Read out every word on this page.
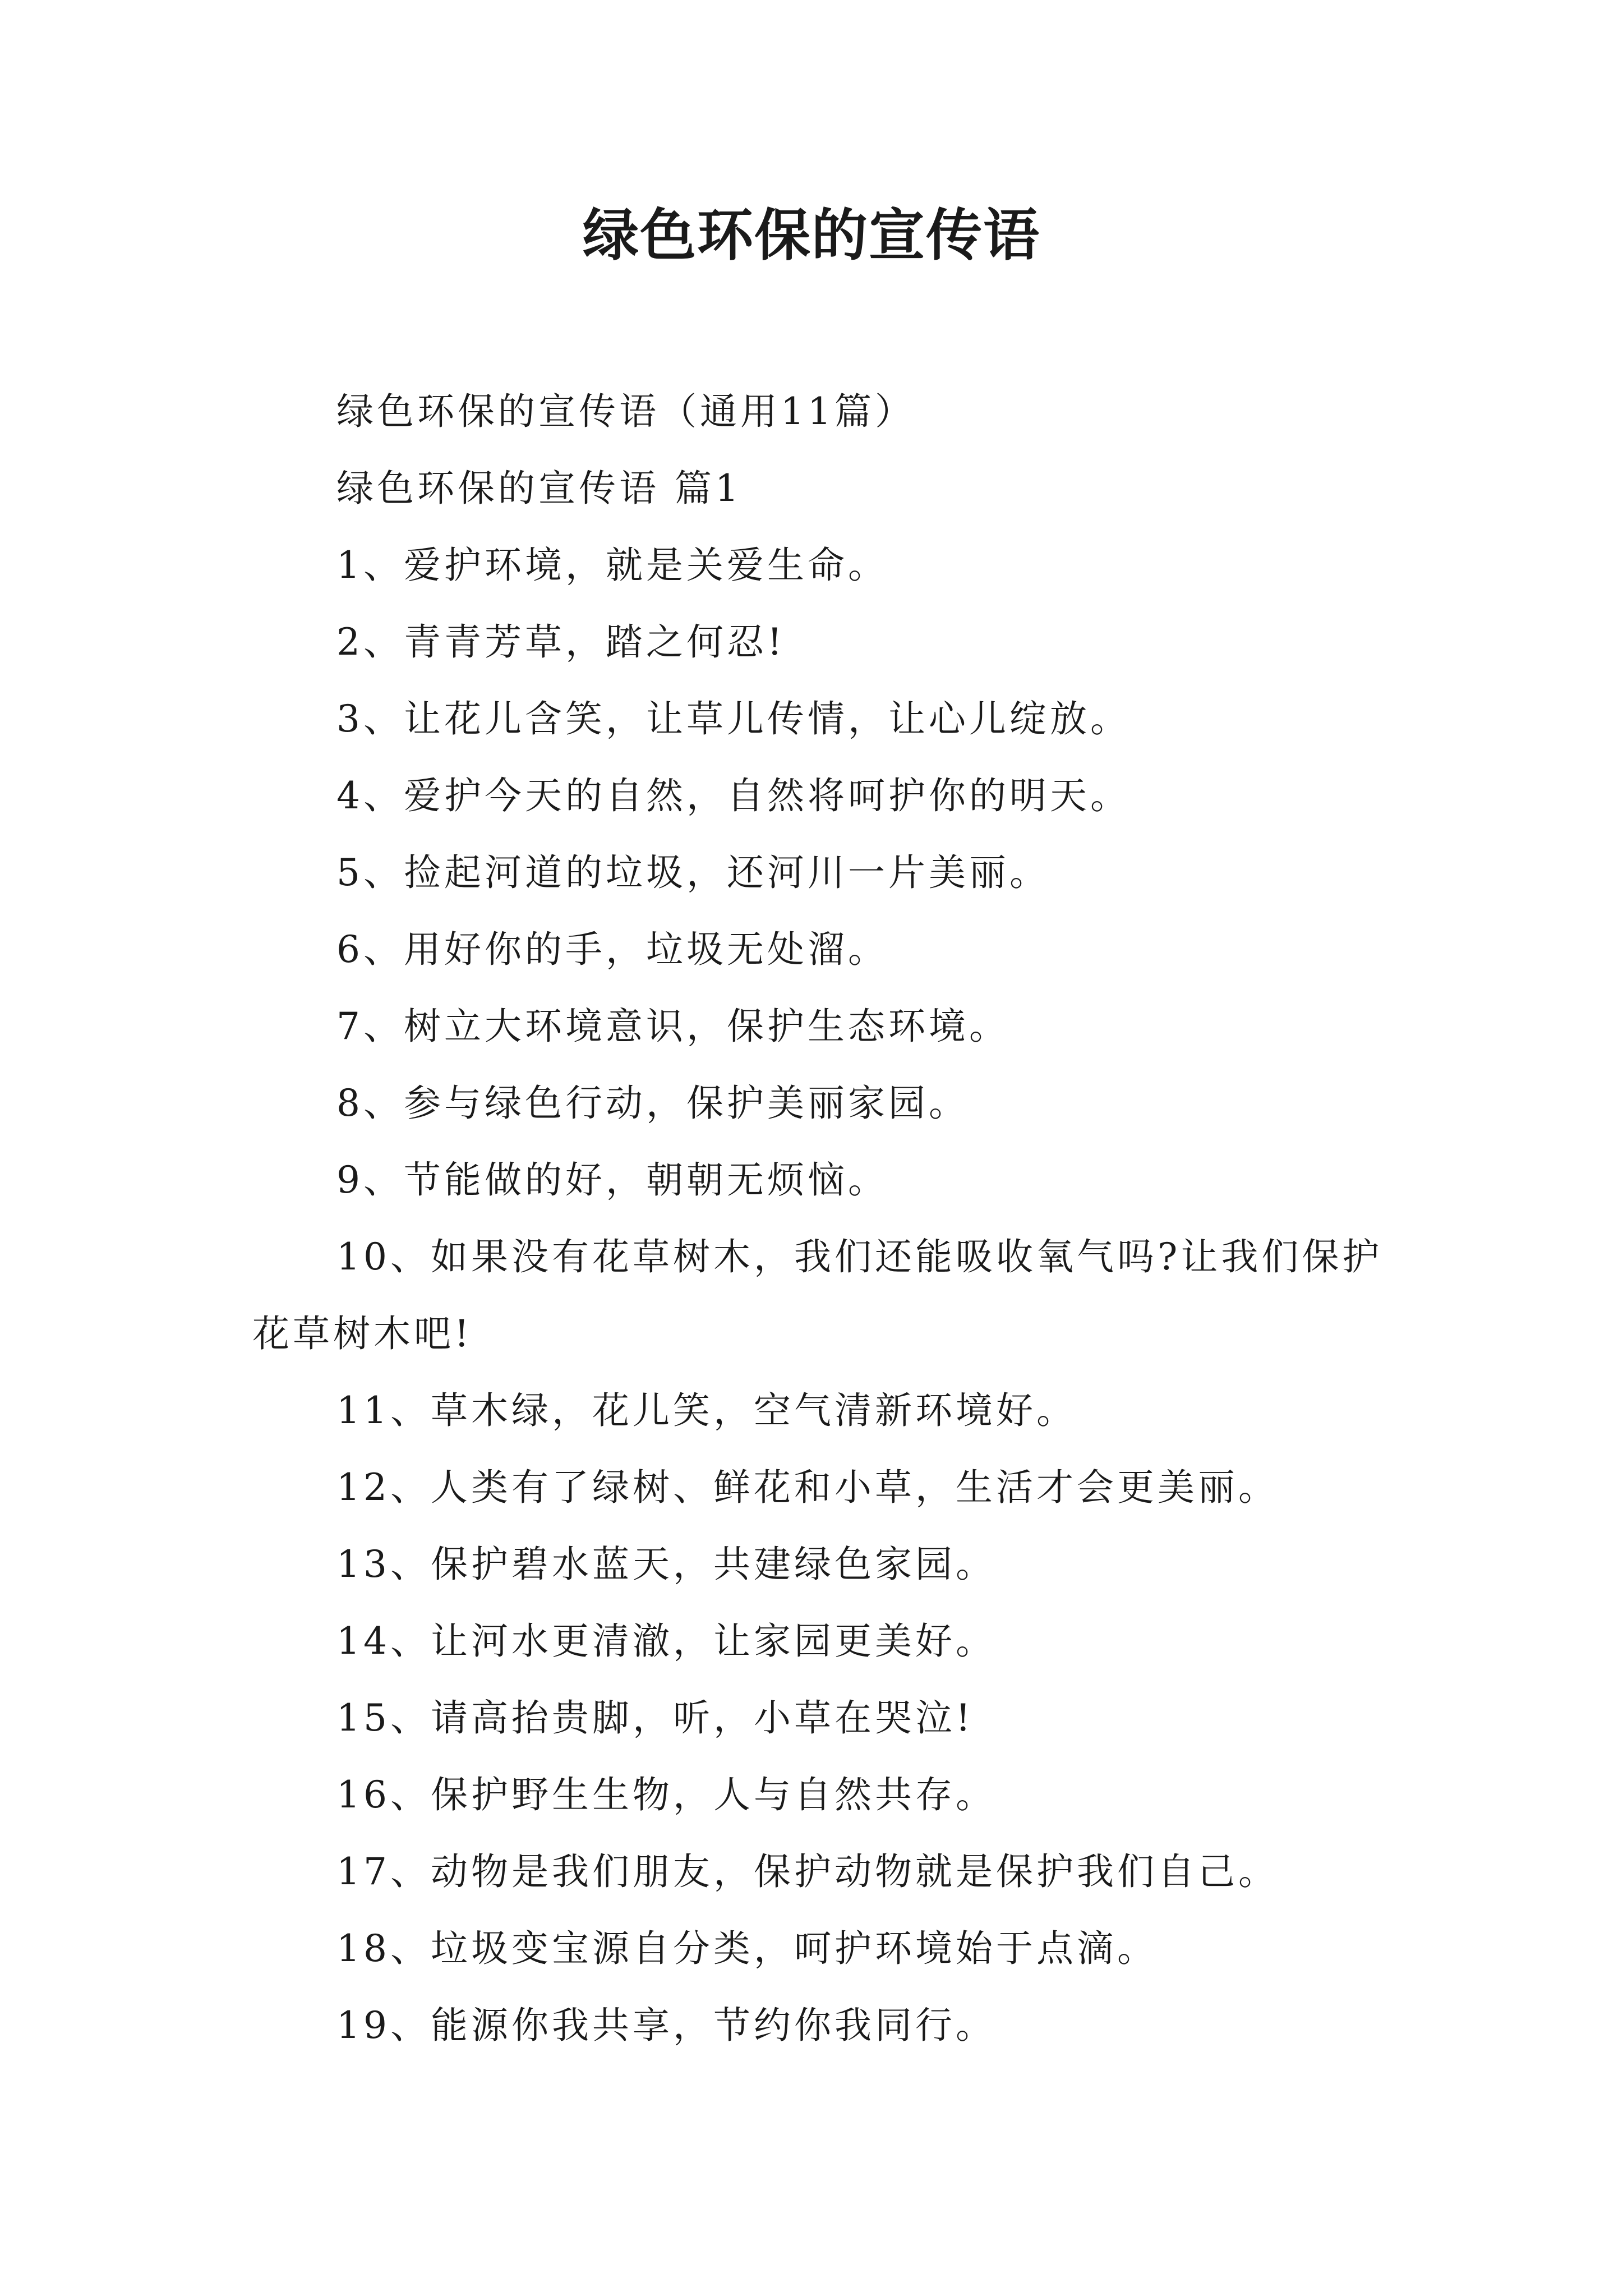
绿色环保的宣传语

绿色环保的宣传语（通用11篇）

绿色环保的宣传语 篇1

1、爱护环境，就是关爱生命。

2、青青芳草，踏之何忍!

3、让花儿含笑，让草儿传情，让心儿绽放。

4、爱护今天的自然，自然将呵护你的明天。

5、捡起河道的垃圾，还河川一片美丽。

6、用好你的手，垃圾无处溜。

7、树立大环境意识，保护生态环境。

8、参与绿色行动，保护美丽家园。

9、节能做的好，朝朝无烦恼。

10、如果没有花草树木，我们还能吸收氧气吗?让我们保护花草树木吧!

11、草木绿，花儿笑，空气清新环境好。

12、人类有了绿树、鲜花和小草，生活才会更美丽。

13、保护碧水蓝天，共建绿色家园。

14、让河水更清澈，让家园更美好。

15、请高抬贵脚，听，小草在哭泣!

16、保护野生生物，人与自然共存。

17、动物是我们朋友，保护动物就是保护我们自己。

18、垃圾变宝源自分类，呵护环境始于点滴。

19、能源你我共享，节约你我同行。
